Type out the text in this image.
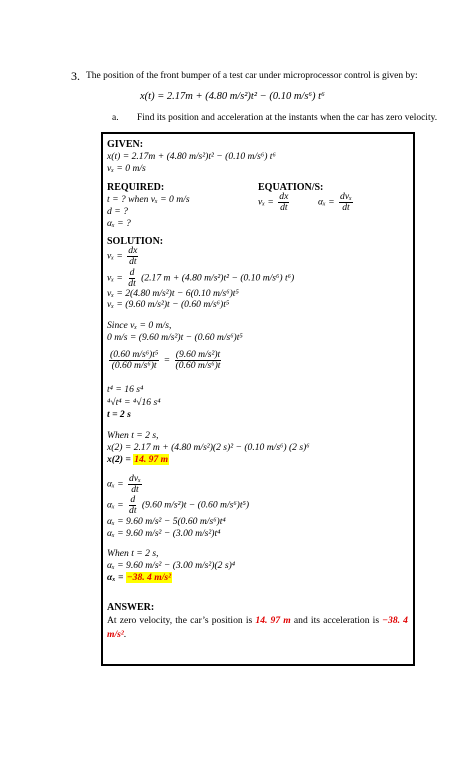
3. The position of the front bumper of a test car under microprocessor control is given by:
x(t) = 2.17m + (4.80 m/s²)t² − (0.10 m/s⁶) t⁶
a. Find its position and acceleration at the instants when the car has zero velocity.
GIVEN:
x(t) = 2.17m + (4.80 m/s²)t² − (0.10 m/s⁶) t⁶
vₓ = 0 m/s
REQUIRED:
t = ? when vₓ = 0 m/s
d = ?
αₓ = ?
EQUATION/S:
$v_x = \frac{dx}{dt}$	$\alpha_x = \frac{\text{dvₓ}}{dt}$
SOLUTION:
$v_x = \frac{dx}{dt}$
$v_x = \frac{d}{dt} (2.17$ m + (4.80 m/s²)t² − (0.10 m/s⁶) t⁶)
vₓ = 2(4.80 m/s²)t − 6(0.10 m/s⁶)t⁵
vₓ = (9.60 m/s²)t − (0.60 m/s⁶)t⁵
Since vₓ = 0 m/s,
0 m/s = (9.60 m/s²)t − (0.60 m/s⁶)t⁵
$\frac{\text{(0.60 m/s⁶)t⁵}}{\text{(0.60 m/s⁶)t}} = \frac{\text{(9.60 m/s²)t}}{\text{(0.60 m/s⁶)t}}$
t⁴ = 16 s⁴
⁴√t⁴ = ⁴√16 s⁴
t = 2 s
When t = 2 s,
x(2) = 2.17 m + (4.80 m/s²)(2 s)² − (0.10 m/s⁶) (2 s)⁶
x(2) = 14. 97 m
$\alpha_x = \frac{\text{dvₓ}}{dt}$
$\alpha_x = \frac{d}{dt} (9.60$ m/s²)t − (0.60 m/s⁶)t⁵)
αₓ = 9.60 m/s² − 5(0.60 m/s⁶)t⁴
αₓ = 9.60 m/s² − (3.00 m/s²)t⁴
When t = 2 s,
αₓ = 9.60 m/s² − (3.00 m/s²)(2 s)⁴
αₓ = −38. 4 m/s²
ANSWER:
At zero velocity, the car’s position is 14. 97 m and its acceleration is −38. 4 m/s².
